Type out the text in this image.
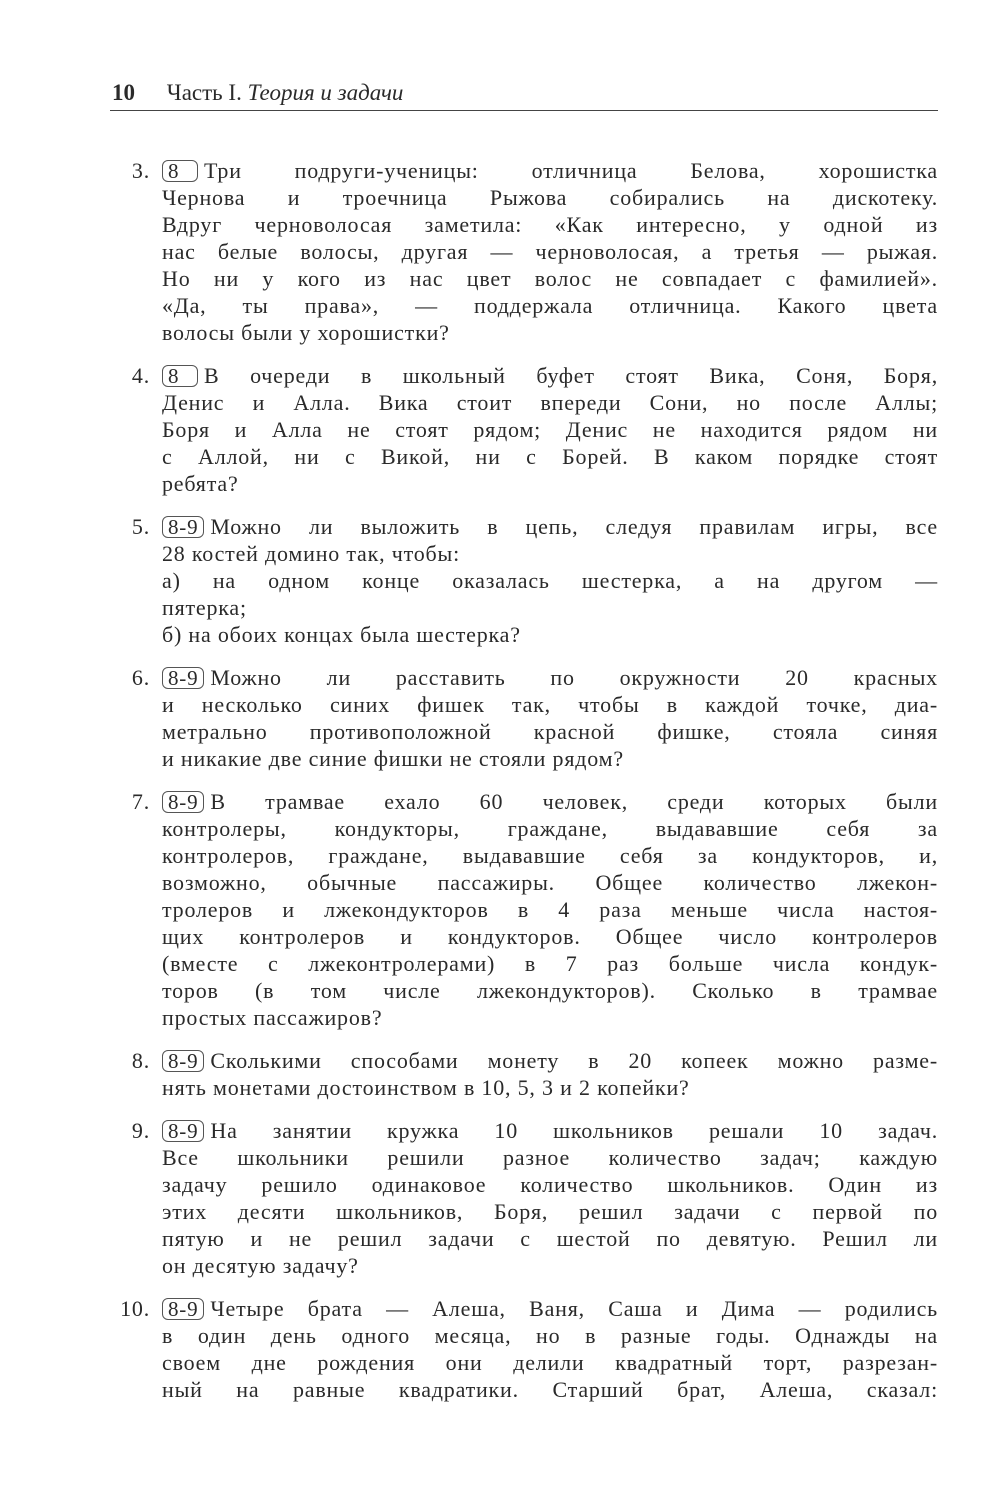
10 Часть I. Теория и задачи
3. 8 Три подруги-ученицы: отличница Белова, хорошистка
Чернова и троечница Рыжова собирались на дискотеку.
Вдруг черноволосая заметила: «Как интересно, у одной из
нас белые волосы, другая — черноволосая, а третья — рыжая.
Но ни у кого из нас цвет волос не совпадает с фамилией».
«Да, ты права», — поддержала отличница. Какого цвета
волосы были у хорошистки?
4. 8 В очереди в школьный буфет стоят Вика, Соня, Боря,
Денис и Алла. Вика стоит впереди Сони, но после Аллы;
Боря и Алла не стоят рядом; Денис не находится рядом ни
с Аллой, ни с Викой, ни с Борей. В каком порядке стоят
ребята?
5. 8-9 Можно ли выложить в цепь, следуя правилам игры, все
28 костей домино так, чтобы:
а) на одном конце оказалась шестерка, а на другом —
пятерка;
б) на обоих концах была шестерка?
6. 8-9 Можно ли расставить по окружности 20 красных
и несколько синих фишек так, чтобы в каждой точке, диа-
метрально противоположной красной фишке, стояла синяя
и никакие две синие фишки не стояли рядом?
7. 8-9 В трамвае ехало 60 человек, среди которых были
контролеры, кондукторы, граждане, выдававшие себя за
контролеров, граждане, выдававшие себя за кондукторов, и,
возможно, обычные пассажиры. Общее количество лжекон-
тролеров и лжекондукторов в 4 раза меньше числа настоя-
щих контролеров и кондукторов. Общее число контролеров
(вместе с лжеконтролерами) в 7 раз больше числа кондук-
торов (в том числе лжекондукторов). Сколько в трамвае
простых пассажиров?
8. 8-9 Сколькими способами монету в 20 копеек можно разме-
нять монетами достоинством в 10, 5, 3 и 2 копейки?
9. 8-9 На занятии кружка 10 школьников решали 10 задач.
Все школьники решили разное количество задач; каждую
задачу решило одинаковое количество школьников. Один из
этих десяти школьников, Боря, решил задачи с первой по
пятую и не решил задачи с шестой по девятую. Решил ли
он десятую задачу?
10. 8-9 Четыре брата — Алеша, Ваня, Саша и Дима — родились
в один день одного месяца, но в разные годы. Однажды на
своем дне рождения они делили квадратный торт, разрезан-
ный на равные квадратики. Старший брат, Алеша, сказал:
